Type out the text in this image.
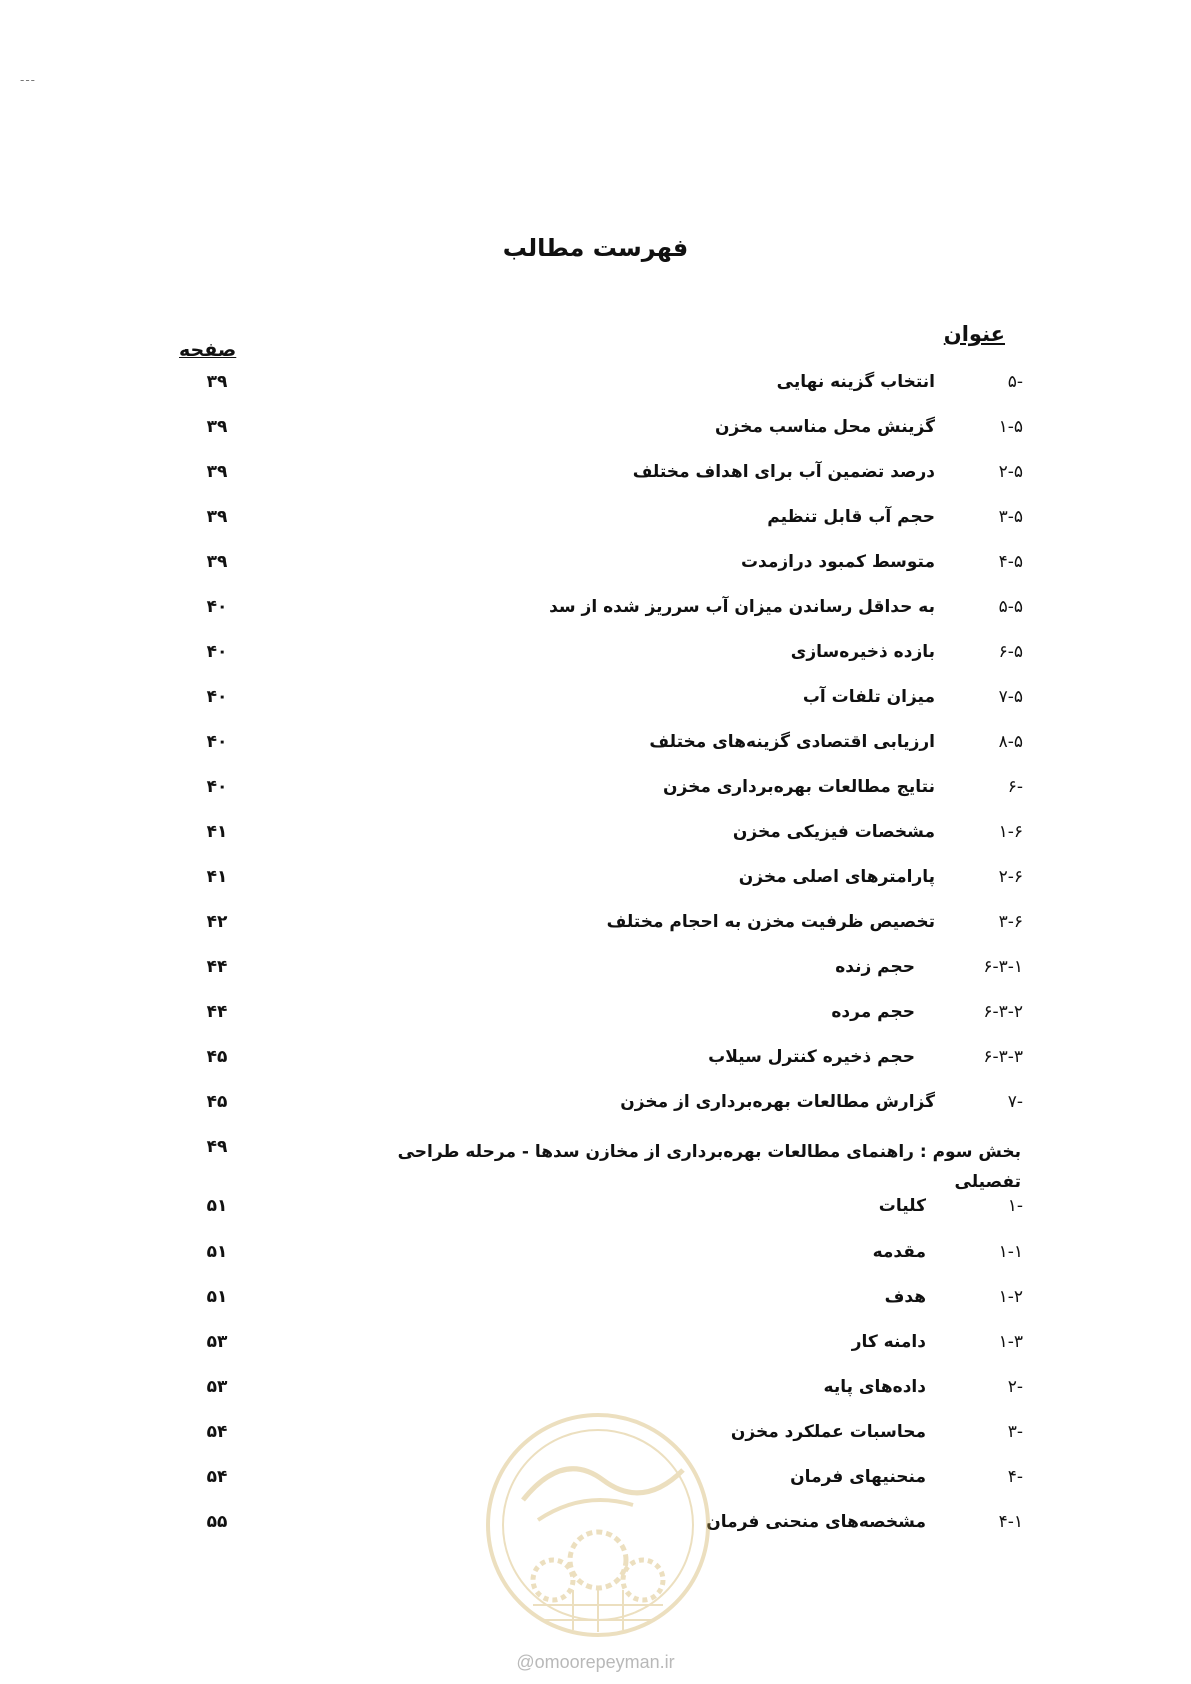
---
فهرست مطالب
عنوان
صفحه
-۵
انتخاب گزینه نهایی
۳۹
۱-۵
گزینش محل مناسب مخزن
۳۹
۲-۵
درصد تضمین آب برای اهداف مختلف
۳۹
۳-۵
حجم آب قابل تنظیم
۳۹
۴-۵
متوسط کمبود درازمدت
۳۹
۵-۵
به حداقل رساندن میزان آب سرریز شده از سد
۴۰
۶-۵
بازده ذخیره‌سازی
۴۰
۷-۵
میزان تلفات آب
۴۰
۸-۵
ارزیابی اقتصادی گزینه‌های مختلف
۴۰
-۶
نتایج مطالعات بهره‌برداری مخزن
۴۰
۱-۶
مشخصات فیزیکی مخزن
۴۱
۲-۶
پارامترهای اصلی مخزن
۴۱
۳-۶
تخصیص ظرفیت مخزن به احجام مختلف
۴۲
۶-۳-۱
حجم زنده
۴۴
۶-۳-۲
حجم مرده
۴۴
۶-۳-۳
حجم ذخیره کنترل سیلاب
۴۵
-۷
گزارش مطالعات بهره‌برداری از مخزن
۴۵
۴۹	بخش سوم : راهنمای مطالعات بهره‌برداری از مخازن سدها - مرحله طراحی تفصیلی
-۱
کلیات
۵۱
۱-۱
مقدمه
۵۱
۱-۲
هدف
۵۱
۱-۳
دامنه کار
۵۳
-۲
داده‌های پایه
۵۳
-۳
محاسبات عملکرد مخزن
۵۴
-۴
منحنیهای فرمان
۵۴
۴-۱
مشخصه‌های منحنی فرمان
۵۵
@omoorepeyman.ir
